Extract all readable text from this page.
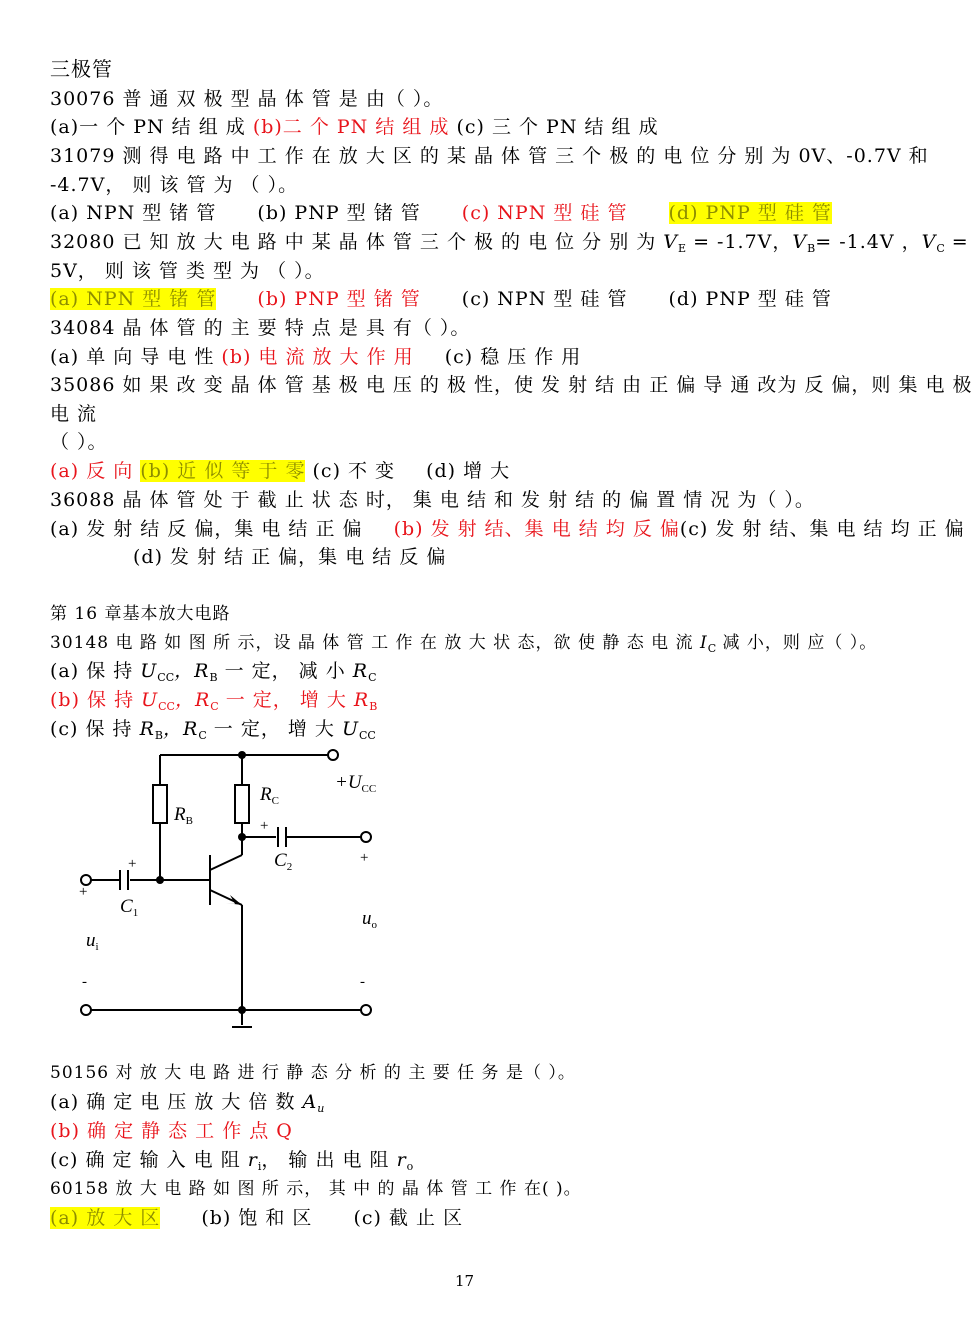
三极管
30076 普 通 双 极 型 晶 体 管 是 由（ ）。
(a)一 个 PN 结 组 成 (b)二 个 PN 结 组 成 (c) 三 个 PN 结 组 成
31079 测 得 电 路 中 工 作 在 放 大 区 的 某 晶 体 管 三 个 极 的 电 位 分 别 为 0V、-0.7V 和
-4.7V， 则 该 管 为 （ ）。
(a) NPN 型 锗 管 (b) PNP 型 锗 管 (c) NPN 型 硅 管 (d) PNP 型 硅 管
32080 已 知 放 大 电 路 中 某 晶 体 管 三 个 极 的 电 位 分 别 为 $V_E = -1.7V$，$V_B= -1.4V$ ，$V_C$ =
5V， 则 该 管 类 型 为 （ ）。
(a) NPN 型 锗 管 (b) PNP 型 锗 管 (c) NPN 型 硅 管 (d) PNP 型 硅 管
34084 晶 体 管 的 主 要 特 点 是 具 有（ ）。
(a) 单 向 导 电 性 (b) 电 流 放 大 作 用 (c) 稳 压 作 用
35086 如 果 改 变 晶 体 管 基 极 电 压 的 极 性，使 发 射 结 由 正 偏 导 通 改为 反 偏，则 集 电 极
电 流
（ ）。
(a) 反 向 (b) 近 似 等 于 零 (c) 不 变 (d) 增 大
36088 晶 体 管 处 于 截 止 状 态 时， 集 电 结 和 发 射 结 的 偏 置 情 况 为（ ）。
(a) 发 射 结 反 偏，集 电 结 正 偏 (b) 发 射 结、集 电 结 均 反 偏(c) 发 射 结、集 电 结 均 正 偏
(d) 发 射 结 正 偏，集 电 结 反 偏
第 16 章基本放大电路
30148 电 路 如 图 所 示，设 晶 体 管 工 作 在 放 大 状 态，欲 使 静 态 电 流 $I_C$ 减 小，则 应（ ）。
(a) 保 持 $U_{CC}$，$R_B$ 一 定， 减 小 $R_C$
(b) 保 持 $U_{CC}$，$R_C$ 一 定， 增 大 $R_B$
(c) 保 持 $R_B$，$R_C$ 一 定， 增 大 $U_{CC}$
$+U_{CC}$
$R_C$
$R_B$	+
$C_2$
+
+
+
$C_1$	$u_o$
$u_i$
-	-
50156 对 放 大 电 路 进 行 静 态 分 析 的 主 要 任 务 是（ ）。
(a) 确 定 电 压 放 大 倍 数 $A_u$
(b) 确 定 静 态 工 作 点 Q
(c) 确 定 输 入 电 阻 $r_i$， 输 出 电 阻 $r_o$
60158 放 大 电 路 如 图 所 示， 其 中 的 晶 体 管 工 作 在( )。
(a) 放 大 区 (b) 饱 和 区 (c) 截 止 区
17
